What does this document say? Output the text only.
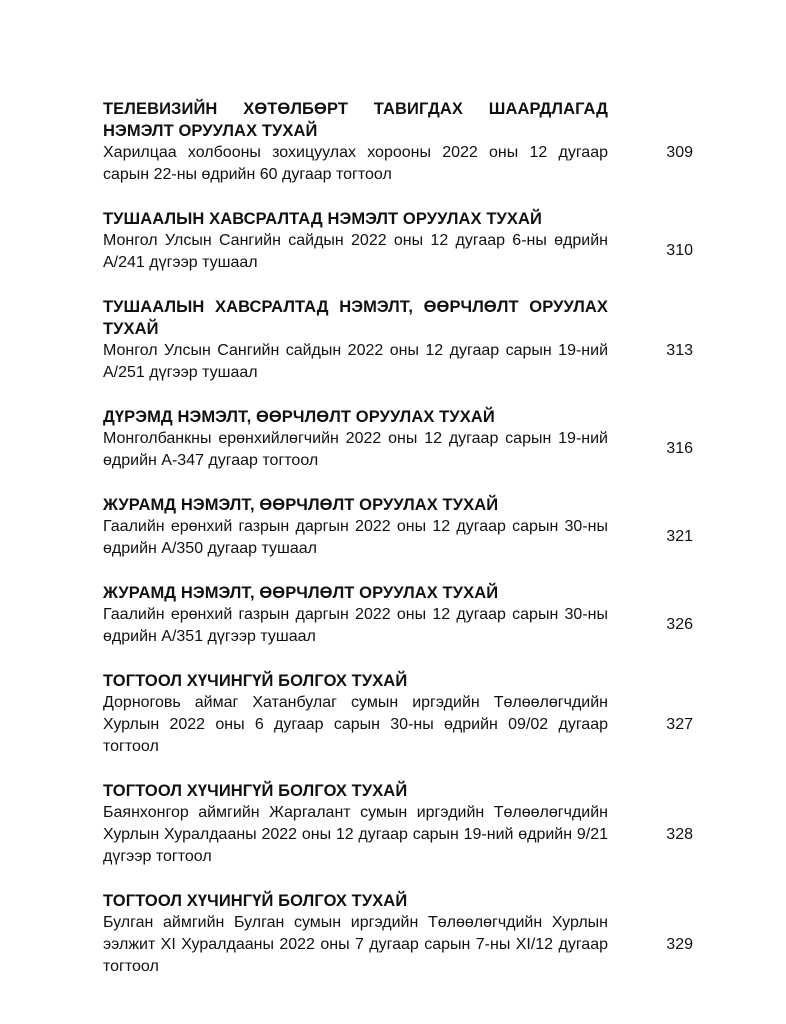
ТЕЛЕВИЗИЙН ХӨТӨЛБӨРТ ТАВИГДАХ ШААРДЛАГАД НЭМЭЛТ ОРУУЛАХ ТУХАЙ
Харилцаа холбооны зохицуулах хорооны 2022 оны 12 дугаар сарын 22-ны өдрийн 60 дугаар тогтоол
309
ТУШААЛЫН ХАВСРАЛТАД НЭМЭЛТ ОРУУЛАХ ТУХАЙ
Монгол Улсын Сангийн сайдын 2022 оны 12 дугаар 6-ны өдрийн А/241 дүгээр тушаал
310
ТУШААЛЫН ХАВСРАЛТАД НЭМЭЛТ, ӨӨРЧЛӨЛТ ОРУУЛАХ ТУХАЙ
Монгол Улсын Сангийн сайдын 2022 оны 12 дугаар сарын 19-ний А/251 дүгээр тушаал
313
ДҮРЭМД НЭМЭЛТ, ӨӨРЧЛӨЛТ ОРУУЛАХ ТУХАЙ
Монголбанкны ерөнхийлөгчийн 2022 оны 12 дугаар сарын 19-ний өдрийн А-347 дугаар тогтоол
316
ЖУРАМД НЭМЭЛТ, ӨӨРЧЛӨЛТ ОРУУЛАХ ТУХАЙ
Гаалийн ерөнхий газрын даргын 2022 оны 12 дугаар сарын 30-ны өдрийн А/350 дугаар тушаал
321
ЖУРАМД НЭМЭЛТ, ӨӨРЧЛӨЛТ ОРУУЛАХ ТУХАЙ
Гаалийн ерөнхий газрын даргын 2022 оны 12 дугаар сарын 30-ны өдрийн А/351 дүгээр тушаал
326
ТОГТООЛ ХҮЧИНГҮЙ БОЛГОХ ТУХАЙ
Дорноговь аймаг Хатанбулаг сумын иргэдийн Төлөөлөгчдийн Хурлын 2022 оны 6 дугаар сарын 30-ны өдрийн 09/02 дугаар тогтоол
327
ТОГТООЛ ХҮЧИНГҮЙ БОЛГОХ ТУХАЙ
Баянхонгор аймгийн Жаргалант сумын иргэдийн Төлөөлөгчдийн Хурлын Хуралдааны 2022 оны 12 дугаар сарын 19-ний өдрийн 9/21 дүгээр тогтоол
328
ТОГТООЛ ХҮЧИНГҮЙ БОЛГОХ ТУХАЙ
Булган аймгийн Булган сумын иргэдийн Төлөөлөгчдийн Хурлын ээлжит XI Хуралдааны 2022 оны 7 дугаар сарын 7-ны XI/12 дугаар тогтоол
329
